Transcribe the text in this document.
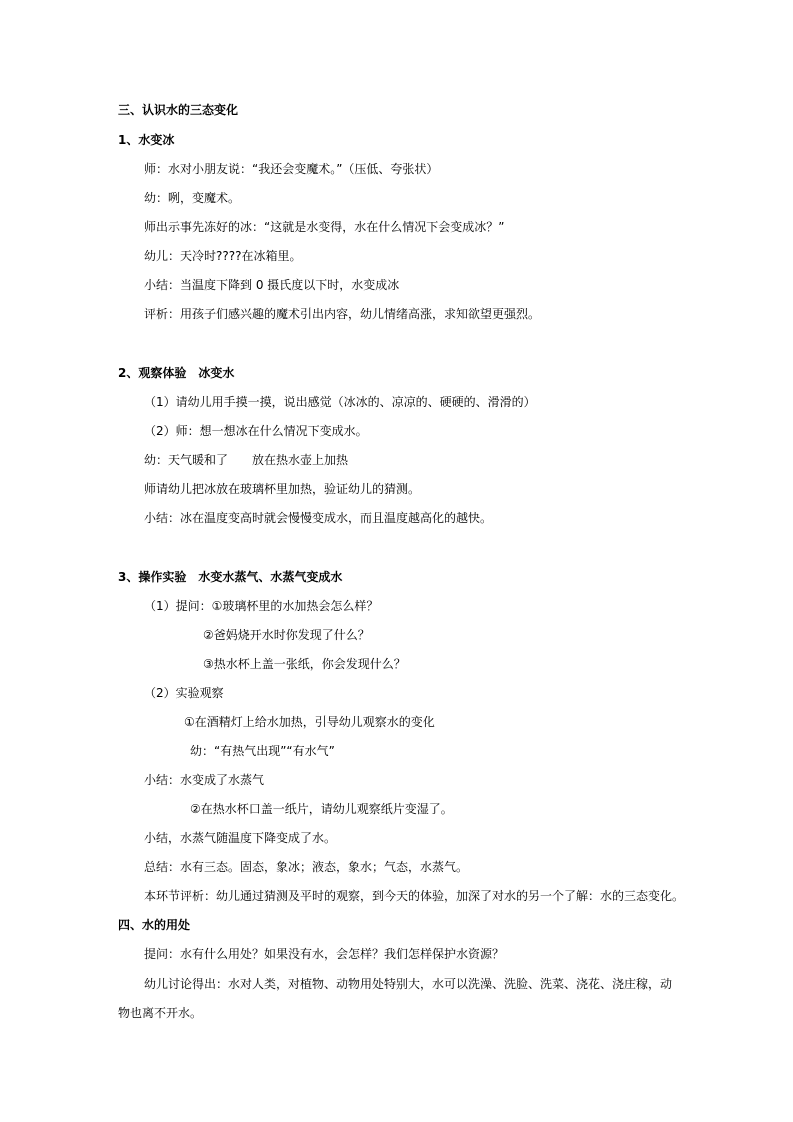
三、认识水的三态变化
1、水变冰
师：水对小朋友说：“我还会变魔术。”（压低、夸张状）
幼：咧，变魔术。
师出示事先冻好的冰：“这就是水变得，水在什么情况下会变成冰？”
幼儿：天冷时????在冰箱里。
小结：当温度下降到 0 摄氏度以下时，水变成冰
评析：用孩子们感兴趣的魔术引出内容，幼儿情绪高涨，求知欲望更强烈。
2、观察体验　冰变水
（1）请幼儿用手摸一摸，说出感觉（冰冰的、凉凉的、硬硬的、滑滑的）
（2）师：想一想冰在什么情况下变成水。
幼：天气暖和了　　放在热水壶上加热
师请幼儿把冰放在玻璃杯里加热，验证幼儿的猜测。
小结：冰在温度变高时就会慢慢变成水，而且温度越高化的越快。
3、操作实验　水变水蒸气、水蒸气变成水
（1）提问：①玻璃杯里的水加热会怎么样？
②爸妈烧开水时你发现了什么？
③热水杯上盖一张纸，你会发现什么？
（2）实验观察
①在酒精灯上给水加热，引导幼儿观察水的变化
幼：“有热气出现”“有水气”
小结：水变成了水蒸气
②在热水杯口盖一纸片，请幼儿观察纸片变湿了。
小结，水蒸气随温度下降变成了水。
总结：水有三态。固态，象冰；液态，象水；气态，水蒸气。
本环节评析：幼儿通过猜测及平时的观察，到今天的体验，加深了对水的另一个了解：水的三态变化。
四、水的用处
提问：水有什么用处？如果没有水，会怎样？我们怎样保护水资源？
幼儿讨论得出：水对人类，对植物、动物用处特别大，水可以洗澡、洗脸、洗菜、浇花、浇庄稼，动
物也离不开水。
